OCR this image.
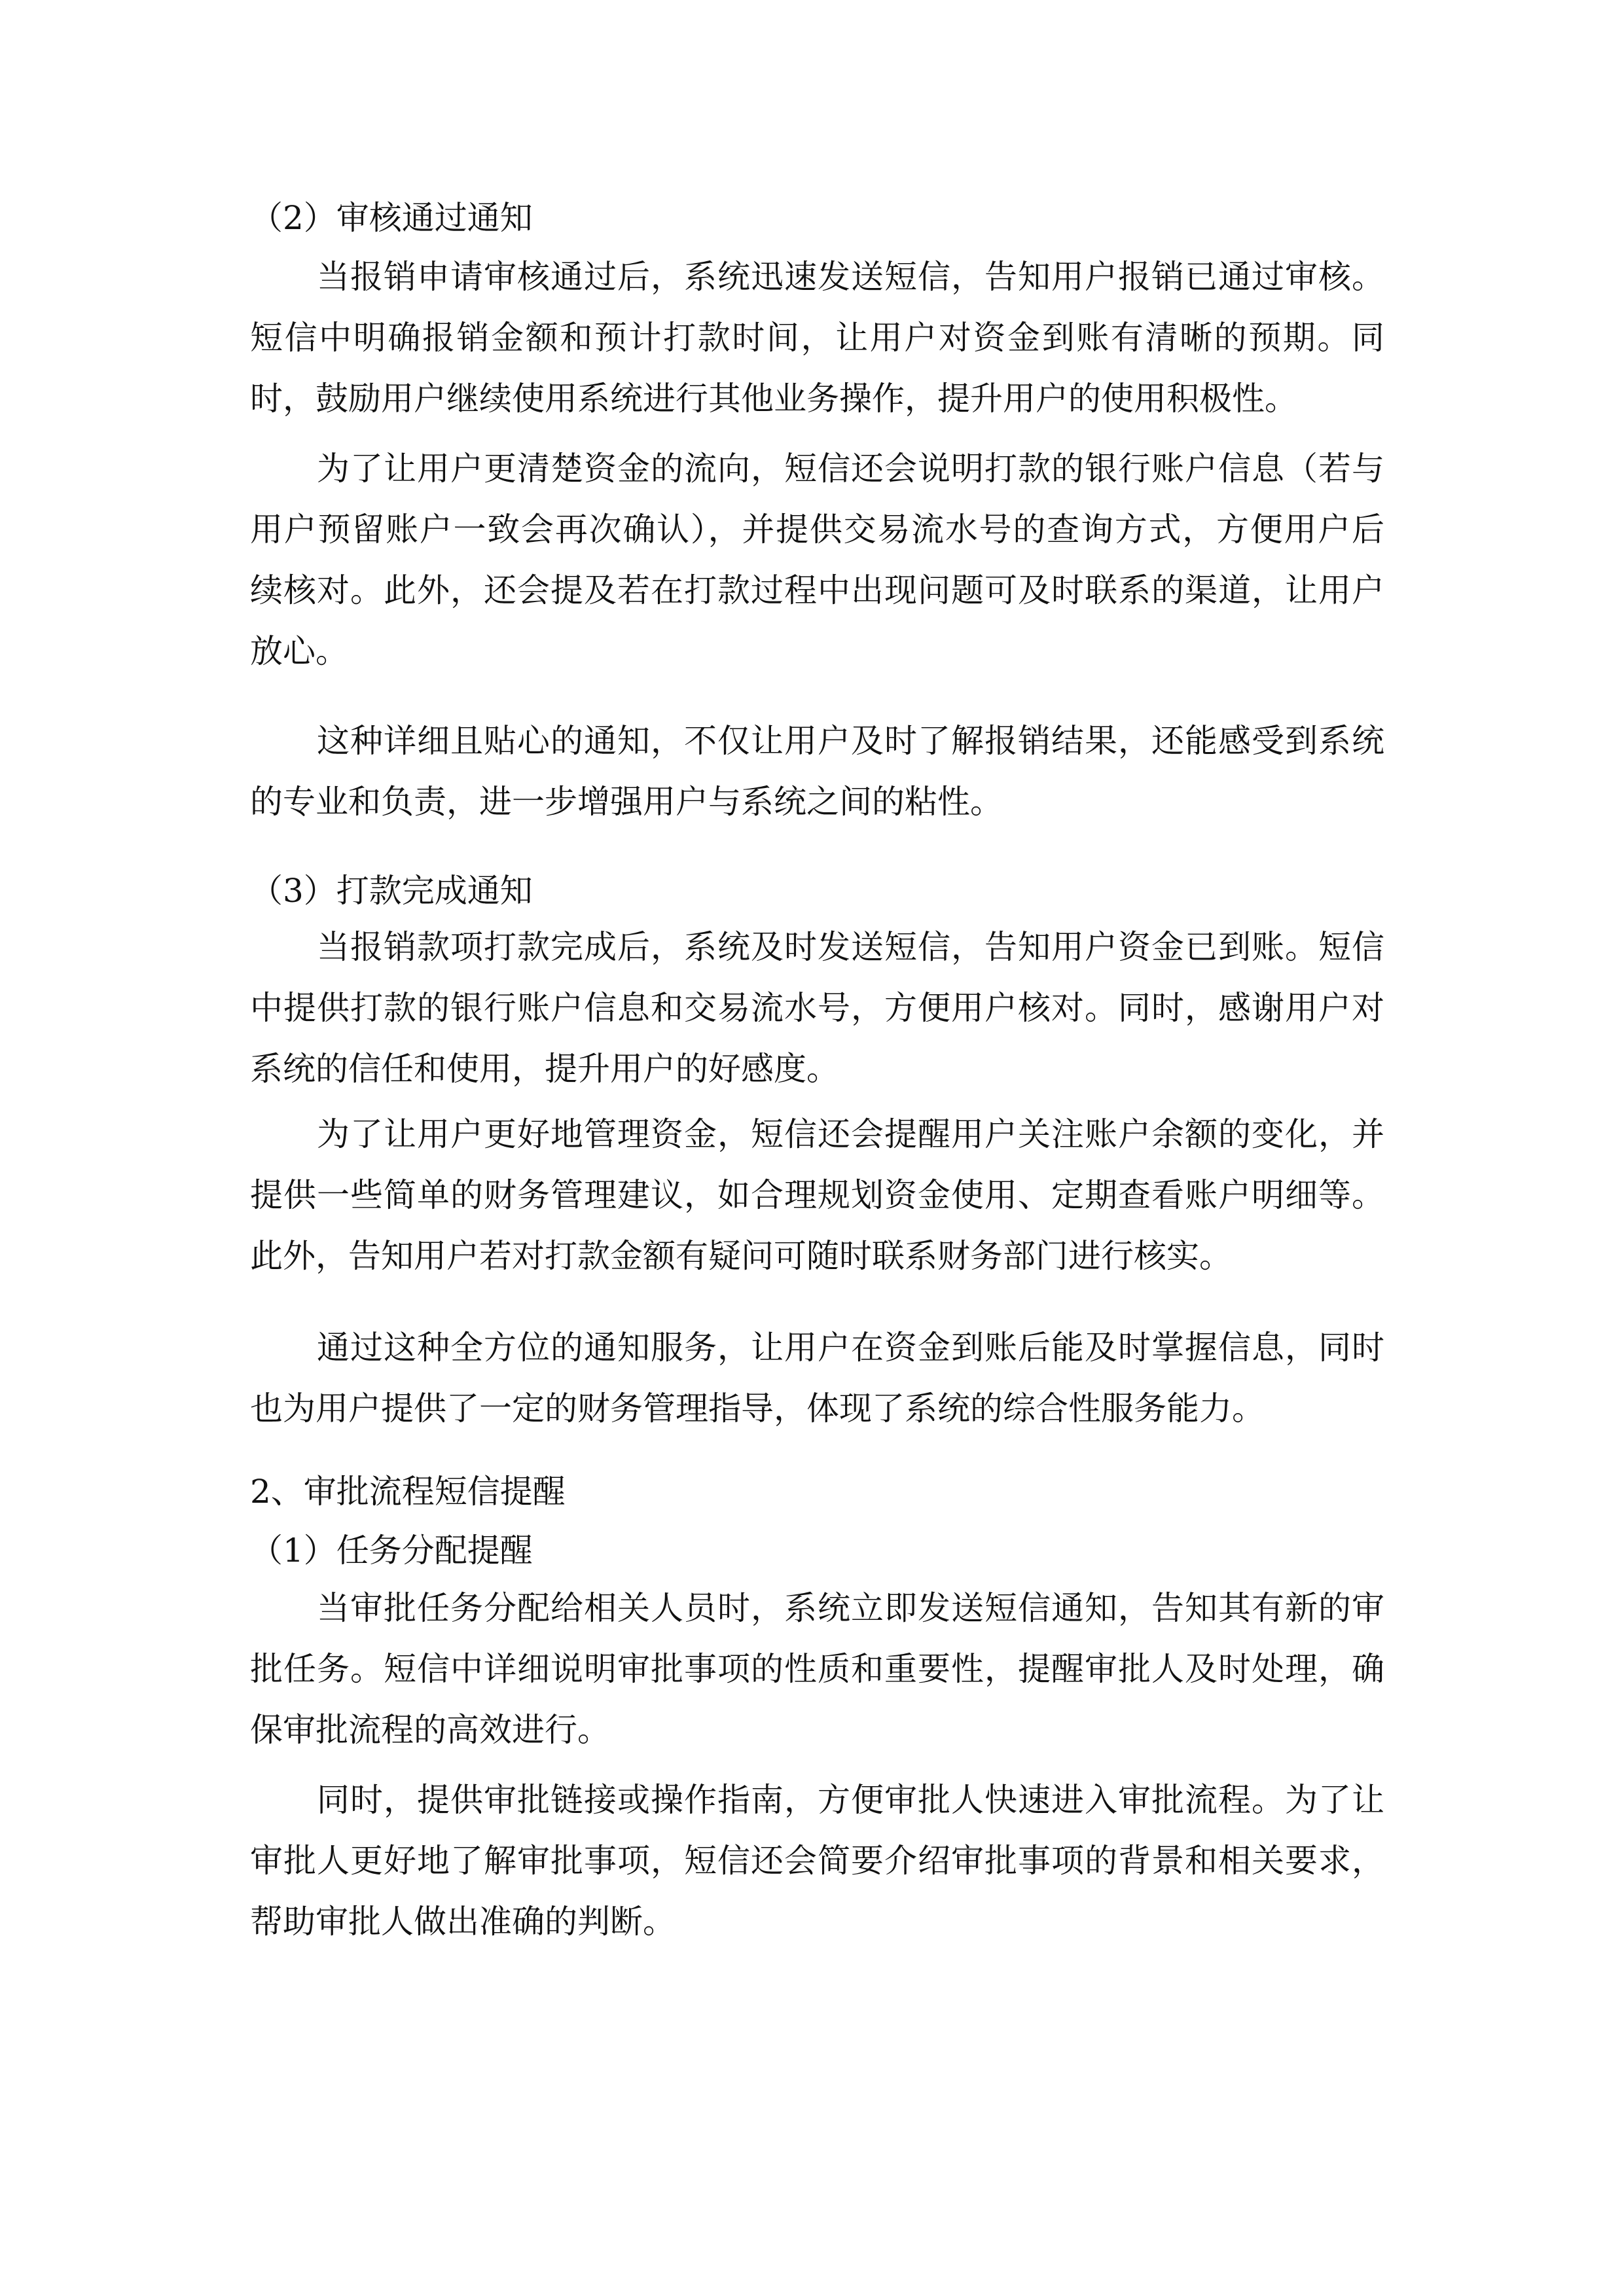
（2）审核通过通知
当报销申请审核通过后，系统迅速发送短信，告知用户报销已通过审核。
短信中明确报销金额和预计打款时间，让用户对资金到账有清晰的预期。同
时，鼓励用户继续使用系统进行其他业务操作，提升用户的使用积极性。
为了让用户更清楚资金的流向，短信还会说明打款的银行账户信息（若与
用户预留账户一致会再次确认），并提供交易流水号的查询方式，方便用户后
续核对。此外，还会提及若在打款过程中出现问题可及时联系的渠道，让用户
放心。
这种详细且贴心的通知，不仅让用户及时了解报销结果，还能感受到系统
的专业和负责，进一步增强用户与系统之间的粘性。
（3）打款完成通知
当报销款项打款完成后，系统及时发送短信，告知用户资金已到账。短信
中提供打款的银行账户信息和交易流水号，方便用户核对。同时，感谢用户对
系统的信任和使用，提升用户的好感度。
为了让用户更好地管理资金，短信还会提醒用户关注账户余额的变化，并
提供一些简单的财务管理建议，如合理规划资金使用、定期查看账户明细等。
此外，告知用户若对打款金额有疑问可随时联系财务部门进行核实。
通过这种全方位的通知服务，让用户在资金到账后能及时掌握信息，同时
也为用户提供了一定的财务管理指导，体现了系统的综合性服务能力。
2、审批流程短信提醒
（1）任务分配提醒
当审批任务分配给相关人员时，系统立即发送短信通知，告知其有新的审
批任务。短信中详细说明审批事项的性质和重要性，提醒审批人及时处理，确
保审批流程的高效进行。
同时，提供审批链接或操作指南，方便审批人快速进入审批流程。为了让
审批人更好地了解审批事项，短信还会简要介绍审批事项的背景和相关要求，
帮助审批人做出准确的判断。
